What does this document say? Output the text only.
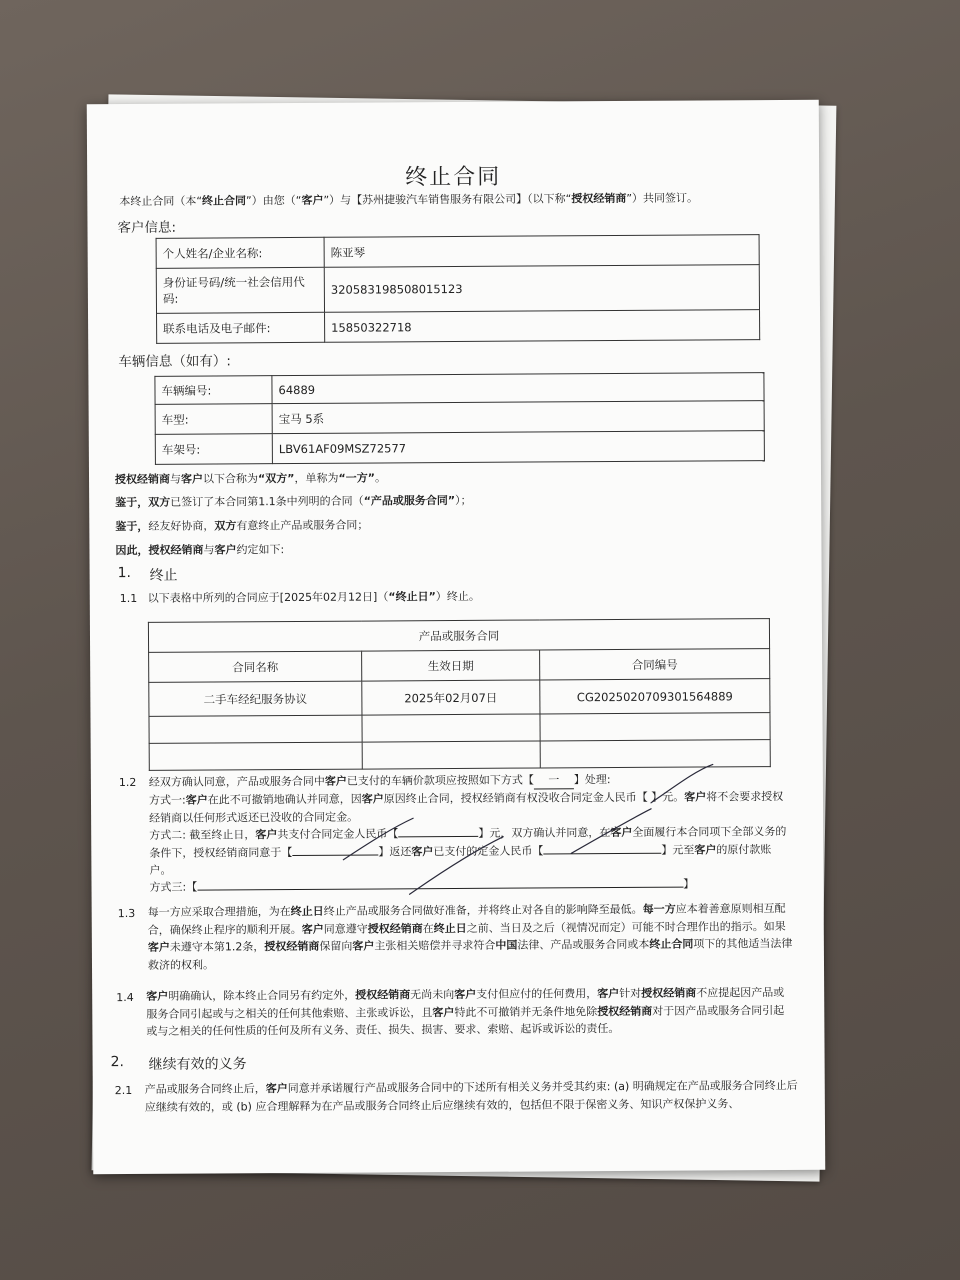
终止合同
本终止合同（本“终止合同”）由您（“客户”）与【苏州捷骏汽车销售服务有限公司】（以下称“授权经销商”）共同签订。
客户信息:
个人姓名/企业名称:	陈亚琴
身份证号码/统一社会信用代码:	320583198508015123
联系电话及电子邮件:	15850322718
车辆信息（如有）:
车辆编号:	64889
车型:	宝马 5系
车架号:	LBV61AF09MSZ72577
授权经销商与客户以下合称为“双方”，单称为“一方”。
鉴于，双方已签订了本合同第1.1条中列明的合同（“产品或服务合同”）；
鉴于，经友好协商，双方有意终止产品或服务合同；
因此，授权经销商与客户约定如下:
1. 终止
1.1 以下表格中所列的合同应于[2025年02月12日]（“终止日”）终止。
产品或服务合同		
合同名称	生效日期	合同编号
二手车经纪服务协议	2025年02月07日	CG2025020709301564889

1.2 经双方确认同意，产品或服务合同中客户已支付的车辆价款项应按照如下方式【 一 】处理:
方式一:客户在此不可撤销地确认并同意，因客户原因终止合同，授权经销商有权没收合同定金人民币【 】元。客户将不会要求授权经销商以任何形式返还已没收的合同定金。
方式二: 截至终止日，客户共支付合同定金人民币【	】元，双方确认并同意，在客户全面履行本合同项下全部义务的条件下，授权经销商同意于【	】返还客户已支付的定金人民币【	】元至客户的原付款账户。
方式三:【	】
1.3 每一方应采取合理措施，为在终止日终止产品或服务合同做好准备，并将终止对各自的影响降至最低。每一方应本着善意原则相互配合，确保终止程序的顺利开展。客户同意遵守授权经销商在终止日之前、当日及之后（视情况而定）可能不时合理作出的指示。如果客户未遵守本第1.2条，授权经销商保留向客户主张相关赔偿并寻求符合中国法律、产品或服务合同或本终止合同项下的其他适当法律救济的权利。
1.4 客户明确确认，除本终止合同另有约定外，授权经销商无尚未向客户支付但应付的任何费用，客户针对授权经销商不应提起因产品或服务合同引起或与之相关的任何其他索赔、主张或诉讼，且客户特此不可撤销并无条件地免除授权经销商对于因产品或服务合同引起或与之相关的任何性质的任何及所有义务、责任、损失、损害、要求、索赔、起诉或诉讼的责任。
2. 继续有效的义务
2.1 产品或服务合同终止后，客户同意并承诺履行产品或服务合同中的下述所有相关义务并受其约束: (a) 明确规定在产品或服务合同终止后应继续有效的，或 (b) 应合理解释为在产品或服务合同终止后应继续有效的，包括但不限于保密义务、知识产权保护义务、
